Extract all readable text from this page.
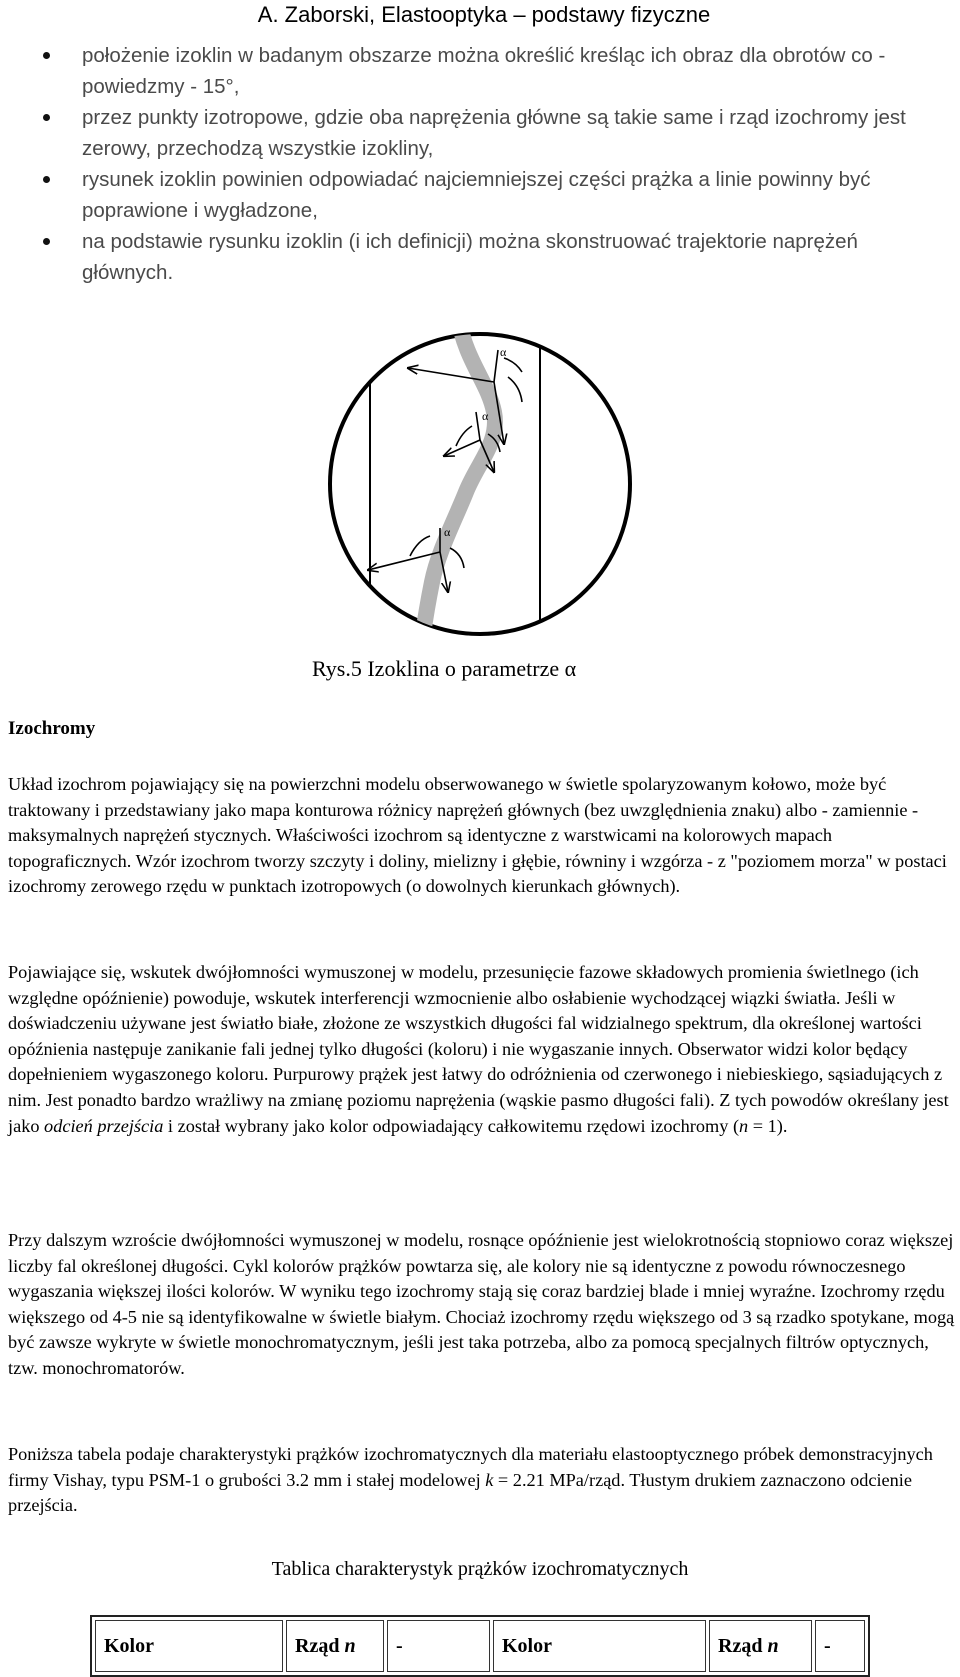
A. Zaborski, Elastooptyka – podstawy fizyczne
położenie izoklin w badanym obszarze można określić kreśląc ich obraz dla obrotów co - powiedzmy - 15°,
przez punkty izotropowe, gdzie oba naprężenia główne są takie same i rząd izochromy jest zerowy, przechodzą wszystkie izokliny,
rysunek izoklin powinien odpowiadać najciemniejszej części prążka a linie powinny być poprawione i wygładzone,
na podstawie rysunku izoklin (i ich definicji) można skonstruować trajektorie naprężeń głównych.
α
α
α
Rys.5 Izoklina o parametrze α
Izochromy

Układ izochrom pojawiający się na powierzchni modelu obserwowanego w świetle spolaryzowanym kołowo, może być traktowany i przedstawiany jako mapa konturowa różnicy naprężeń głównych (bez uwzględnienia znaku) albo - zamiennie - maksymalnych naprężeń stycznych. Właściwości izochrom są identyczne z warstwicami na kolorowych mapach topograficznych. Wzór izochrom tworzy szczyty i doliny, mielizny i głębie, równiny i wzgórza - z "poziomem morza" w postaci izochromy zerowego rzędu w punktach izotropowych (o dowolnych kierunkach głównych).

Pojawiające się, wskutek dwójłomności wymuszonej w modelu, przesunięcie fazowe składowych promienia świetlnego (ich względne opóźnienie) powoduje, wskutek interferencji wzmocnienie albo osłabienie wychodzącej wiązki światła. Jeśli w doświadczeniu używane jest światło białe, złożone ze wszystkich długości fal widzialnego spektrum, dla określonej wartości opóźnienia następuje zanikanie fali jednej tylko długości (koloru) i nie wygaszanie innych. Obserwator widzi kolor będący dopełnieniem wygaszonego koloru. Purpurowy prążek jest łatwy do odróżnienia od czerwonego i niebieskiego, sąsiadujących z nim. Jest ponadto bardzo wrażliwy na zmianę poziomu naprężenia (wąskie pasmo długości fali). Z tych powodów określany jest jako odcień przejścia i został wybrany jako kolor odpowiadający całkowitemu rzędowi izochromy (n = 1).

Przy dalszym wzroście dwójłomności wymuszonej w modelu, rosnące opóźnienie jest wielokrotnością stopniowo coraz większej liczby fal określonej długości. Cykl kolorów prążków powtarza się, ale kolory nie są identyczne z powodu równoczesnego wygaszania większej ilości kolorów. W wyniku tego izochromy stają się coraz bardziej blade i mniej wyraźne. Izochromy rzędu większego od 4-5 nie są identyfikowalne w świetle białym. Chociaż izochromy rzędu większego od 3 są rzadko spotykane, mogą być zawsze wykryte w świetle monochromatycznym, jeśli jest taka potrzeba, albo za pomocą specjalnych filtrów optycznych, tzw. monochromatorów.

Poniższa tabela podaje charakterystyki prążków izochromatycznych dla materiału elastooptycznego próbek demonstracyjnych firmy Vishay, typu PSM-1 o grubości 3.2 mm i stałej modelowej k = 2.21 MPa/rząd. Tłustym drukiem zaznaczono odcienie przejścia.

Tablica charakterystyk prążków izochromatycznych
Kolor	Rząd n	-	Kolor	Rząd n	-
